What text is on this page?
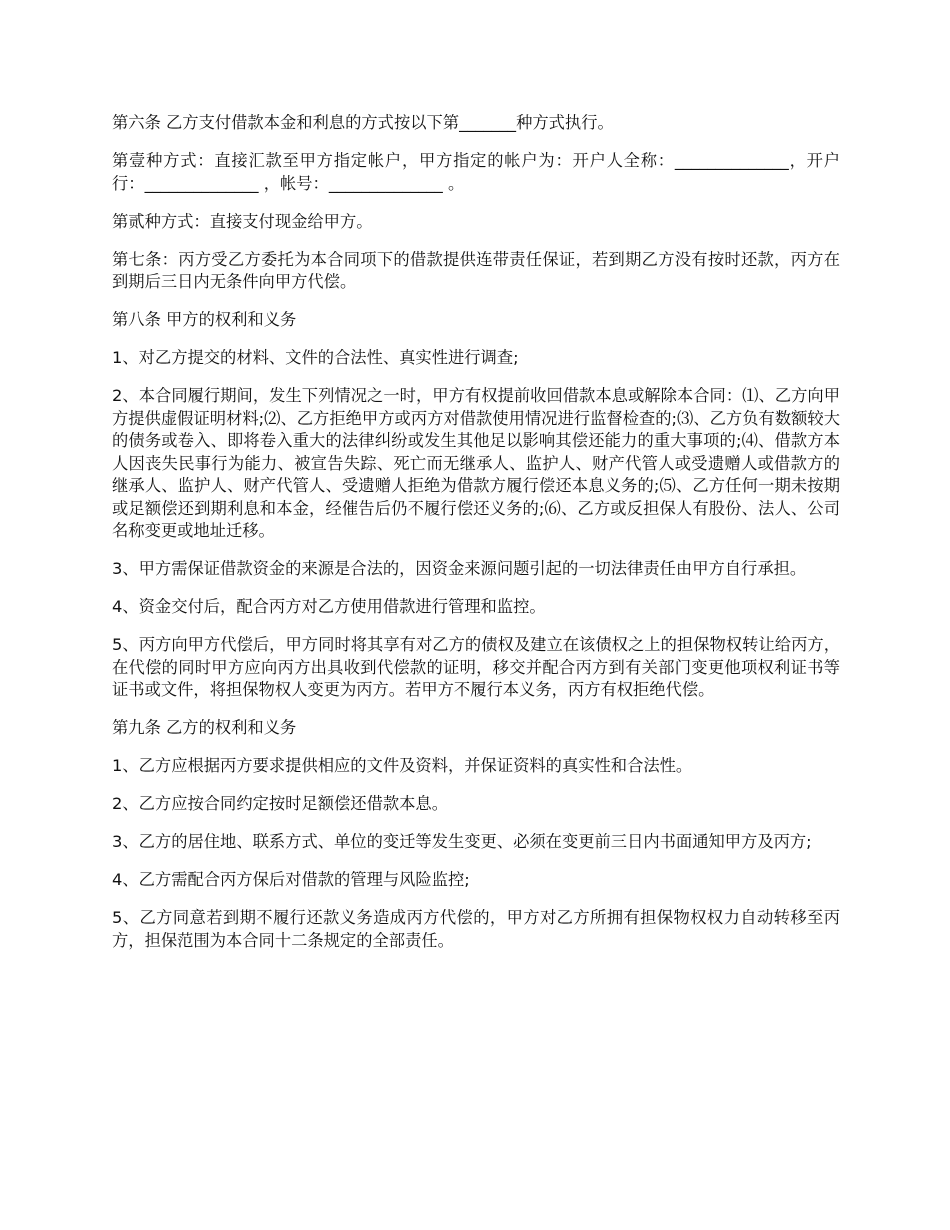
第六条 乙方支付借款本金和利息的方式按以下第_______种方式执行。

第壹种方式：直接汇款至甲方指定帐户，甲方指定的帐户为：开户人全称：______________，开户行：______________ ，帐号：______________ 。

第贰种方式：直接支付现金给甲方。

第七条：丙方受乙方委托为本合同项下的借款提供连带责任保证，若到期乙方没有按时还款，丙方在到期后三日内无条件向甲方代偿。

第八条 甲方的权利和义务

1、对乙方提交的材料、文件的合法性、真实性进行调查;

2、本合同履行期间，发生下列情况之一时，甲方有权提前收回借款本息或解除本合同：⑴、乙方向甲方提供虚假证明材料;⑵、乙方拒绝甲方或丙方对借款使用情况进行监督检查的;⑶、乙方负有数额较大的债务或卷入、即将卷入重大的法律纠纷或发生其他足以影响其偿还能力的重大事项的;⑷、借款方本人因丧失民事行为能力、被宣告失踪、死亡而无继承人、监护人、财产代管人或受遗赠人或借款方的继承人、监护人、财产代管人、受遗赠人拒绝为借款方履行偿还本息义务的;⑸、乙方任何一期未按期或足额偿还到期利息和本金，经催告后仍不履行偿还义务的;⑹、乙方或反担保人有股份、法人、公司名称变更或地址迁移。

3、甲方需保证借款资金的来源是合法的，因资金来源问题引起的一切法律责任由甲方自行承担。

4、资金交付后，配合丙方对乙方使用借款进行管理和监控。

5、丙方向甲方代偿后，甲方同时将其享有对乙方的债权及建立在该债权之上的担保物权转让给丙方，在代偿的同时甲方应向丙方出具收到代偿款的证明，移交并配合丙方到有关部门变更他项权利证书等证书或文件，将担保物权人变更为丙方。若甲方不履行本义务，丙方有权拒绝代偿。

第九条 乙方的权利和义务

1、乙方应根据丙方要求提供相应的文件及资料，并保证资料的真实性和合法性。

2、乙方应按合同约定按时足额偿还借款本息。

3、乙方的居住地、联系方式、单位的变迁等发生变更、必须在变更前三日内书面通知甲方及丙方;

4、乙方需配合丙方保后对借款的管理与风险监控;

5、乙方同意若到期不履行还款义务造成丙方代偿的，甲方对乙方所拥有担保物权权力自动转移至丙方，担保范围为本合同十二条规定的全部责任。
